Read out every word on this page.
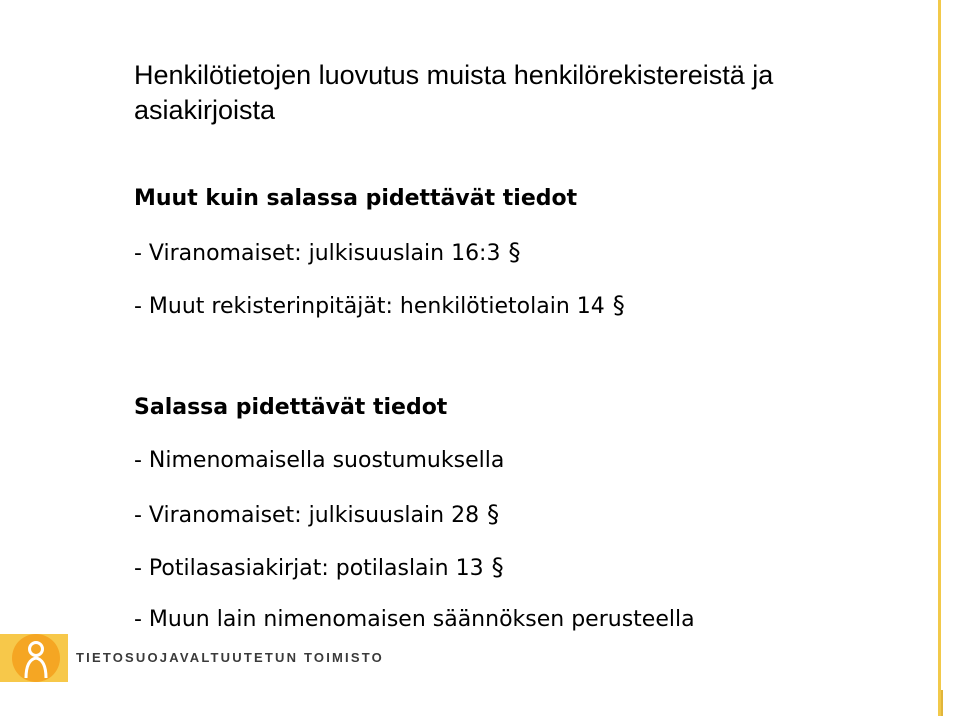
Henkilötietojen luovutus muista henkilörekistereistä ja asiakirjoista
Muut kuin salassa pidettävät tiedot
- Viranomaiset: julkisuuslain 16:3 §
- Muut rekisterinpitäjät: henkilötietolain 14 §
Salassa pidettävät tiedot
- Nimenomaisella suostumuksella
- Viranomaiset: julkisuuslain 28 §
- Potilasasiakirjat: potilaslain 13 §
- Muun lain nimenomaisen säännöksen perusteella
TIETOSUOJAVALTUUTETUN TOIMISTO
